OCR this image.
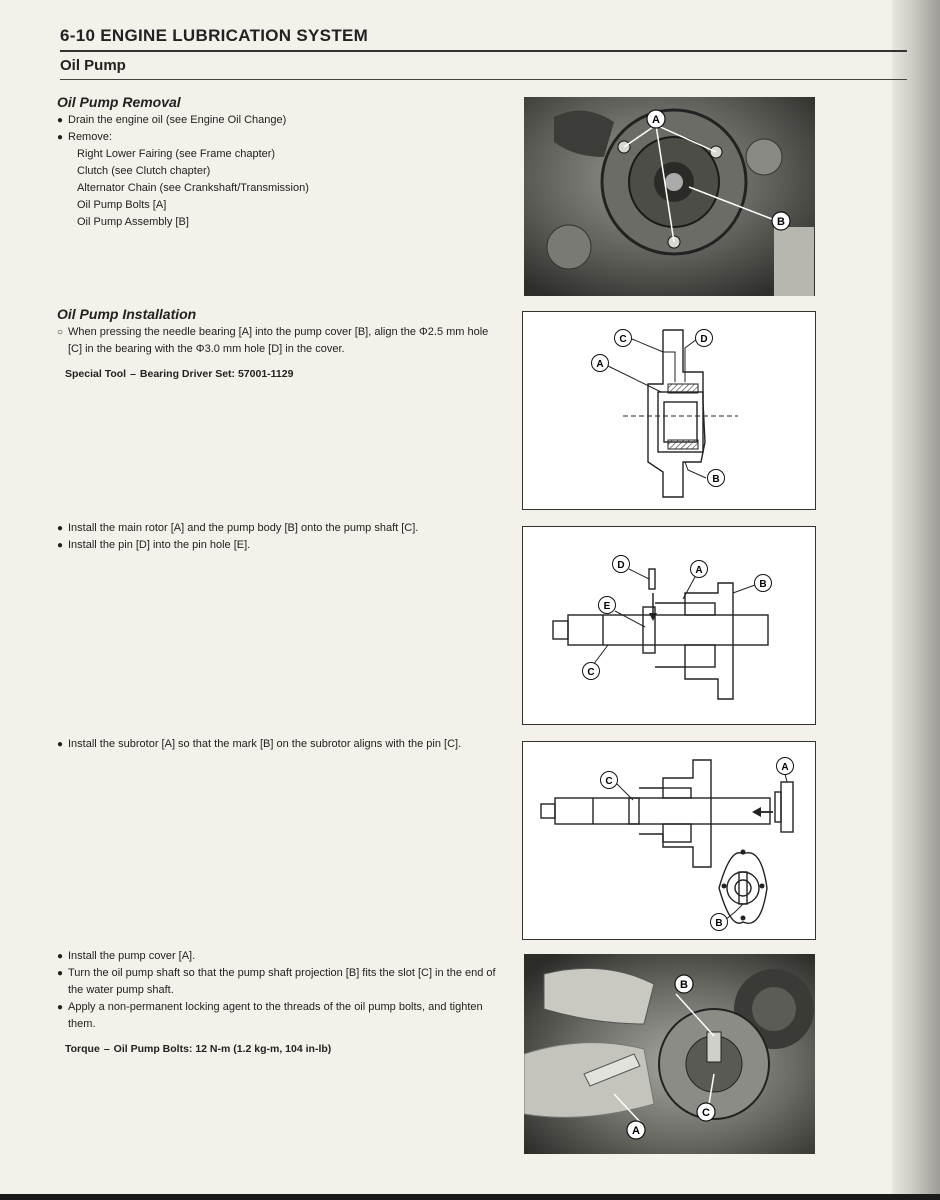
6-10 ENGINE LUBRICATION SYSTEM
Oil Pump
Oil Pump Removal
● Drain the engine oil (see Engine Oil Change)
● Remove:
Right Lower Fairing (see Frame chapter)
Clutch (see Clutch chapter)
Alternator Chain (see Crankshaft/Transmission)
Oil Pump Bolts [A]
Oil Pump Assembly [B]
Oil Pump Installation
○ When pressing the needle bearing [A] into the pump cover [B], align the Φ2.5 mm hole [C] in the bearing with the Φ3.0 mm hole [D] in the cover.
Special Tool – Bearing Driver Set: 57001-1129
● Install the main rotor [A] and the pump body [B] onto the pump shaft [C].
● Install the pin [D] into the pin hole [E].
● Install the subrotor [A] so that the mark [B] on the subrotor aligns with the pin [C].
● Install the pump cover [A].
● Turn the oil pump shaft so that the pump shaft projection [B] fits the slot [C] in the end of the water pump shaft.
● Apply a non-permanent locking agent to the threads of the oil pump bolts, and tighten them.
Torque – Oil Pump Bolts: 12 N-m (1.2 kg-m, 104 in-lb)
A
B
C	D
A
B
D	A
B
E
C
C
A
B
B
C
A
